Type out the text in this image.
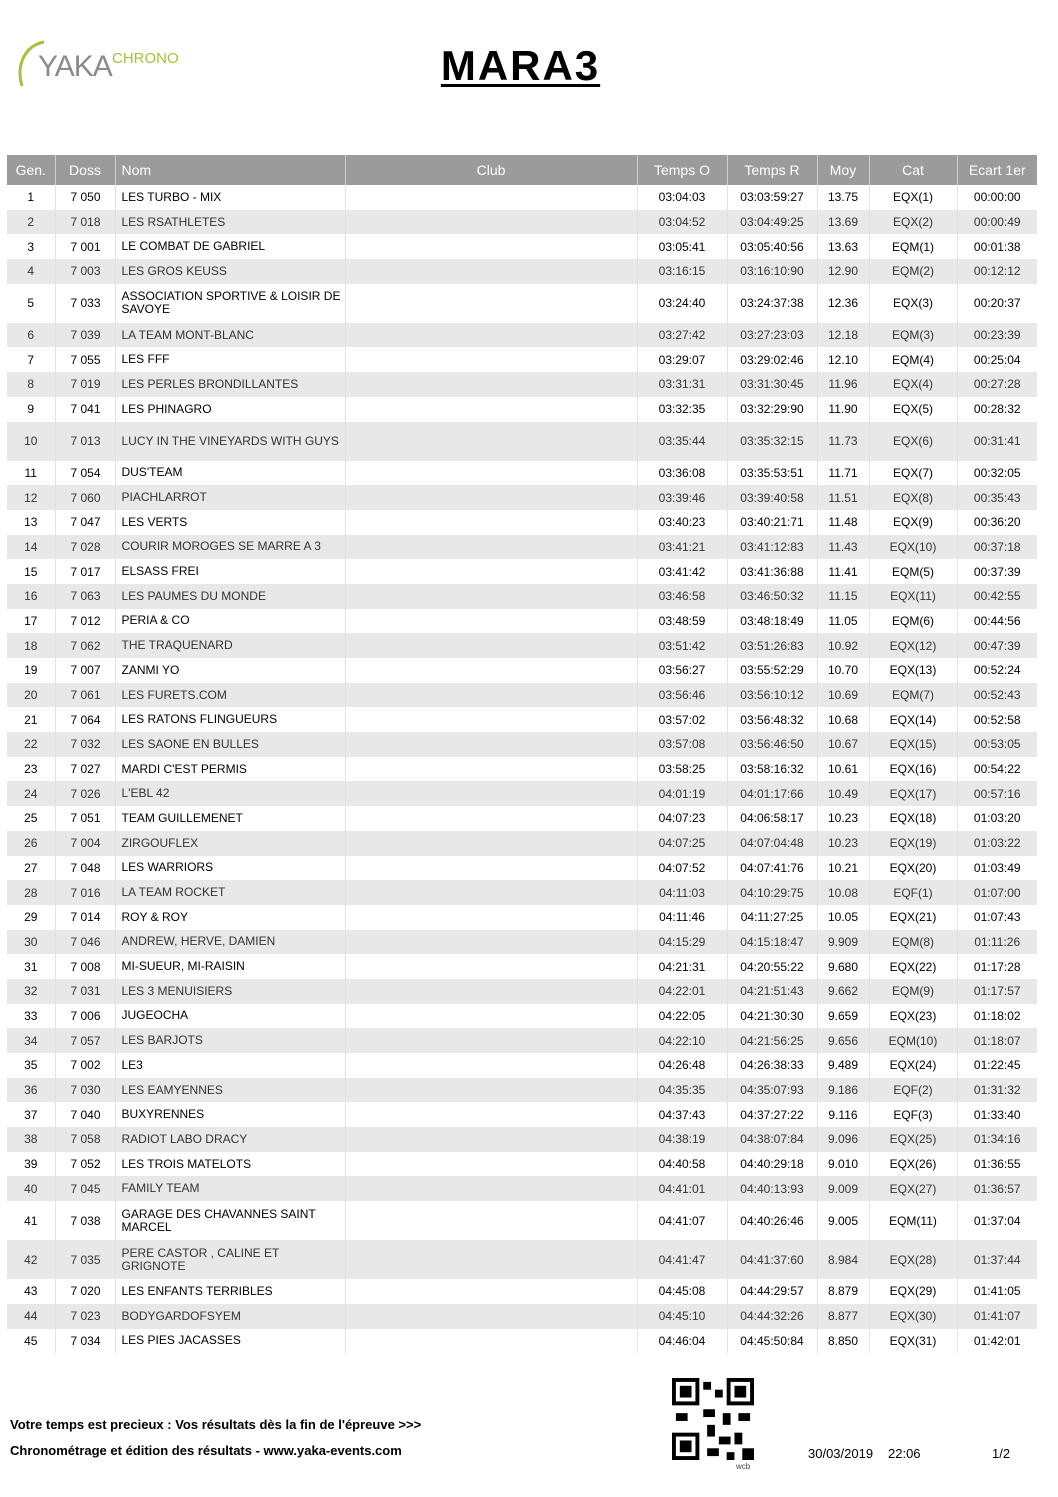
YAKA CHRONO	MARA3
Gen.	Doss	Nom	Club	Temps O	Temps R	Moy	Cat	Ecart 1er
1	7 050	LES TURBO - MIX		03:04:03	03:03:59:27	13.75	EQX(1)	00:00:00
2	7 018	LES RSATHLETES		03:04:52	03:04:49:25	13.69	EQX(2)	00:00:49
3	7 001	LE COMBAT DE GABRIEL		03:05:41	03:05:40:56	13.63	EQM(1)	00:01:38
4	7 003	LES GROS KEUSS		03:16:15	03:16:10:90	12.90	EQM(2)	00:12:12
5	7 033	ASSOCIATION SPORTIVE & LOISIR DE SAVOYE		03:24:40	03:24:37:38	12.36	EQX(3)	00:20:37
6	7 039	LA TEAM MONT-BLANC		03:27:42	03:27:23:03	12.18	EQM(3)	00:23:39
7	7 055	LES FFF		03:29:07	03:29:02:46	12.10	EQM(4)	00:25:04
8	7 019	LES PERLES BRONDILLANTES		03:31:31	03:31:30:45	11.96	EQX(4)	00:27:28
9	7 041	LES PHINAGRO		03:32:35	03:32:29:90	11.90	EQX(5)	00:28:32
10	7 013	LUCY IN THE VINEYARDS WITH GUYS		03:35:44	03:35:32:15	11.73	EQX(6)	00:31:41
11	7 054	DUS'TEAM		03:36:08	03:35:53:51	11.71	EQX(7)	00:32:05
12	7 060	PIACHLARROT		03:39:46	03:39:40:58	11.51	EQX(8)	00:35:43
13	7 047	LES VERTS		03:40:23	03:40:21:71	11.48	EQX(9)	00:36:20
14	7 028	COURIR MOROGES SE MARRE A 3		03:41:21	03:41:12:83	11.43	EQX(10)	00:37:18
15	7 017	ELSASS FREI		03:41:42	03:41:36:88	11.41	EQM(5)	00:37:39
16	7 063	LES PAUMES DU MONDE		03:46:58	03:46:50:32	11.15	EQX(11)	00:42:55
17	7 012	PERIA & CO		03:48:59	03:48:18:49	11.05	EQM(6)	00:44:56
18	7 062	THE TRAQUENARD		03:51:42	03:51:26:83	10.92	EQX(12)	00:47:39
19	7 007	ZANMI YO		03:56:27	03:55:52:29	10.70	EQX(13)	00:52:24
20	7 061	LES FURETS.COM		03:56:46	03:56:10:12	10.69	EQM(7)	00:52:43
21	7 064	LES RATONS FLINGUEURS		03:57:02	03:56:48:32	10.68	EQX(14)	00:52:58
22	7 032	LES SAONE EN BULLES		03:57:08	03:56:46:50	10.67	EQX(15)	00:53:05
23	7 027	MARDI C'EST PERMIS		03:58:25	03:58:16:32	10.61	EQX(16)	00:54:22
24	7 026	L'EBL 42		04:01:19	04:01:17:66	10.49	EQX(17)	00:57:16
25	7 051	TEAM GUILLEMENET		04:07:23	04:06:58:17	10.23	EQX(18)	01:03:20
26	7 004	ZIRGOUFLEX		04:07:25	04:07:04:48	10.23	EQX(19)	01:03:22
27	7 048	LES WARRIORS		04:07:52	04:07:41:76	10.21	EQX(20)	01:03:49
28	7 016	LA TEAM ROCKET		04:11:03	04:10:29:75	10.08	EQF(1)	01:07:00
29	7 014	ROY & ROY		04:11:46	04:11:27:25	10.05	EQX(21)	01:07:43
30	7 046	ANDREW, HERVE, DAMIEN		04:15:29	04:15:18:47	9.909	EQM(8)	01:11:26
31	7 008	MI-SUEUR, MI-RAISIN		04:21:31	04:20:55:22	9.680	EQX(22)	01:17:28
32	7 031	LES 3 MENUISIERS		04:22:01	04:21:51:43	9.662	EQM(9)	01:17:57
33	7 006	JUGEOCHA		04:22:05	04:21:30:30	9.659	EQX(23)	01:18:02
34	7 057	LES BARJOTS		04:22:10	04:21:56:25	9.656	EQM(10)	01:18:07
35	7 002	LE3		04:26:48	04:26:38:33	9.489	EQX(24)	01:22:45
36	7 030	LES EAMYENNES		04:35:35	04:35:07:93	9.186	EQF(2)	01:31:32
37	7 040	BUXYRENNES		04:37:43	04:37:27:22	9.116	EQF(3)	01:33:40
38	7 058	RADIOT LABO DRACY		04:38:19	04:38:07:84	9.096	EQX(25)	01:34:16
39	7 052	LES TROIS MATELOTS		04:40:58	04:40:29:18	9.010	EQX(26)	01:36:55
40	7 045	FAMILY TEAM		04:41:01	04:40:13:93	9.009	EQX(27)	01:36:57
41	7 038	GARAGE DES CHAVANNES SAINT MARCEL		04:41:07	04:40:26:46	9.005	EQM(11)	01:37:04
42	7 035	PERE CASTOR , CALINE ET GRIGNOTE		04:41:47	04:41:37:60	8.984	EQX(28)	01:37:44
43	7 020	LES ENFANTS TERRIBLES		04:45:08	04:44:29:57	8.879	EQX(29)	01:41:05
44	7 023	BODYGARDOFSYEM		04:45:10	04:44:32:26	8.877	EQX(30)	01:41:07
45	7 034	LES PIES JACASSES		04:46:04	04:45:50:84	8.850	EQX(31)	01:42:01
Votre temps est precieux : Vos résultats dès la fin de l'épreuve >>>
Chronométrage et édition des résultats - www.yaka-events.com
wcb
30/03/2019 22:06	1/2
